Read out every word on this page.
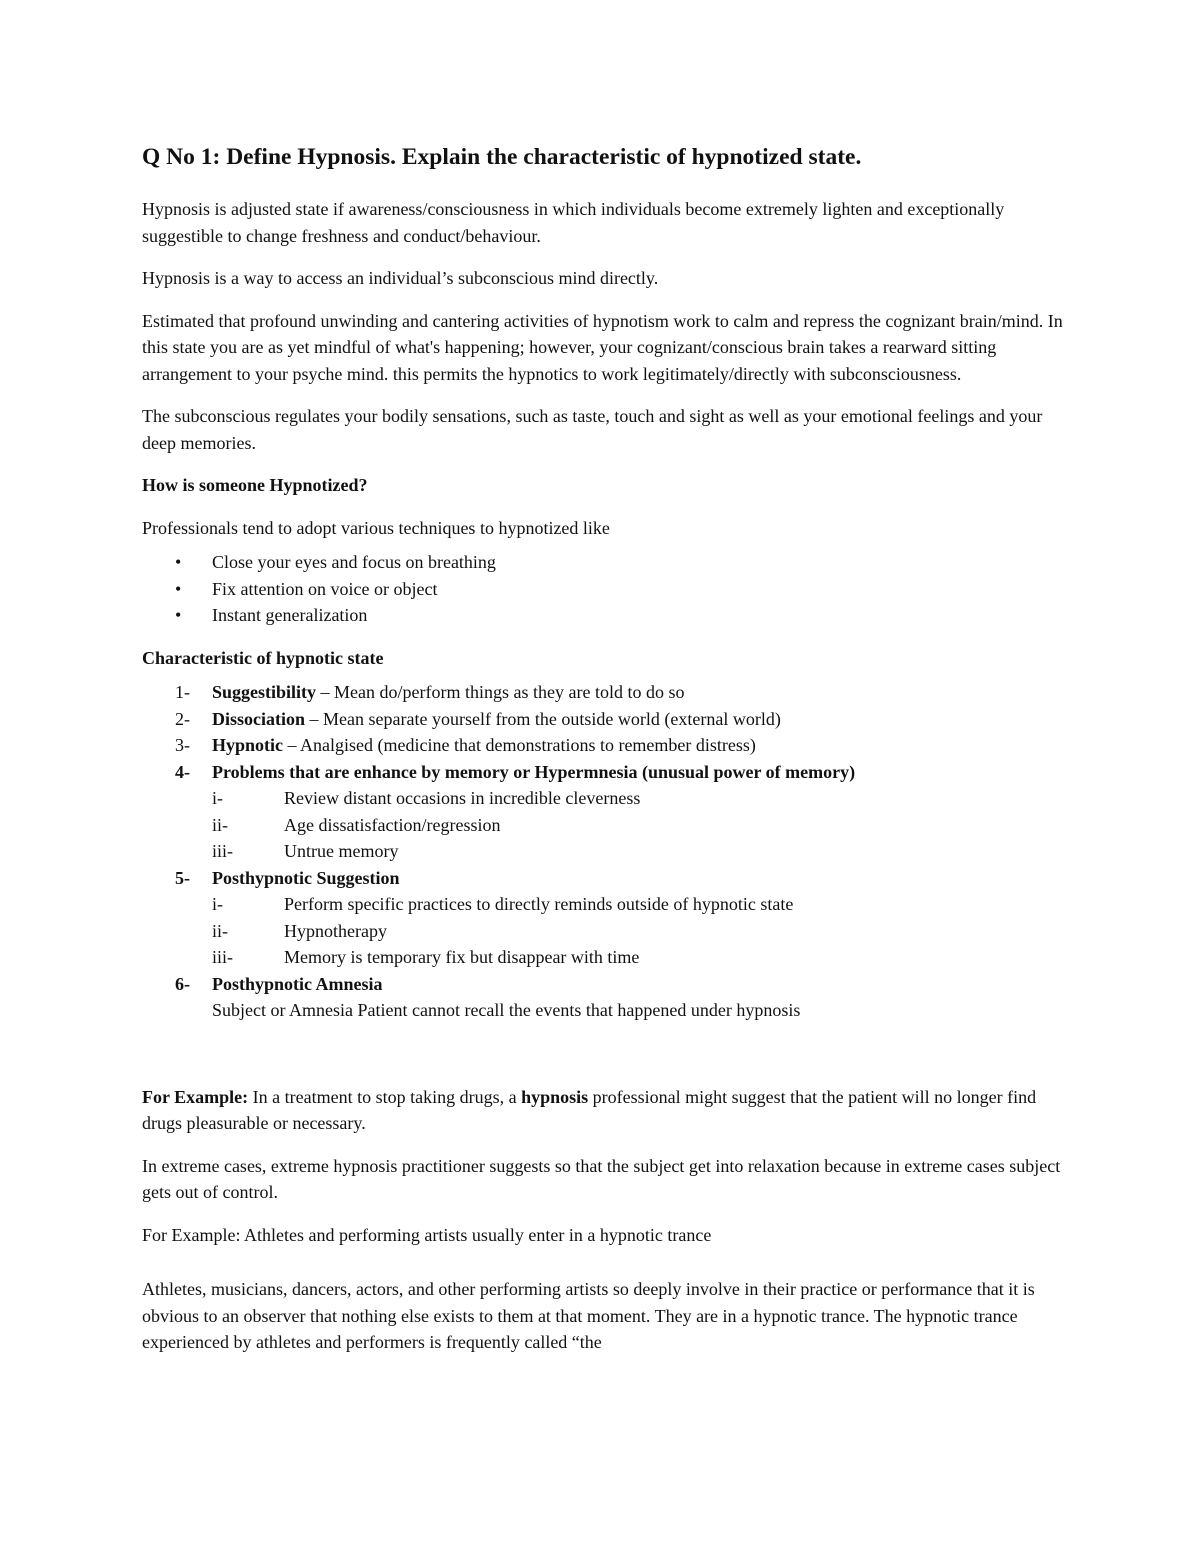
Q No 1: Define Hypnosis. Explain the characteristic of hypnotized state.

Hypnosis is adjusted state if awareness/consciousness in which individuals become extremely lighten and exceptionally suggestible to change freshness and conduct/behaviour.

Hypnosis is a way to access an individual’s subconscious mind directly.

Estimated that profound unwinding and cantering activities of hypnotism work to calm and repress the cognizant brain/mind. In this state you are as yet mindful of what's happening; however, your cognizant/conscious brain takes a rearward sitting arrangement to your psyche mind. this permits the hypnotics to work legitimately/directly with subconsciousness.

The subconscious regulates your bodily sensations, such as taste, touch and sight as well as your emotional feelings and your deep memories.

How is someone Hypnotized?

Professionals tend to adopt various techniques to hypnotized like

• Close your eyes and focus on breathing
• Fix attention on voice or object
• Instant generalization

Characteristic of hypnotic state

1- Suggestibility – Mean do/perform things as they are told to do so
2- Dissociation – Mean separate yourself from the outside world (external world)
3- Hypnotic – Analgised (medicine that demonstrations to remember distress)
4- Problems that are enhance by memory or Hypermnesia (unusual power of memory)
i-	Review distant occasions in incredible cleverness
ii-	Age dissatisfaction/regression
iii-	Untrue memory
5- Posthypnotic Suggestion
i-	Perform specific practices to directly reminds outside of hypnotic state
ii-	Hypnotherapy
iii-	Memory is temporary fix but disappear with time
6- Posthypnotic Amnesia
Subject or Amnesia Patient cannot recall the events that happened under hypnosis

For Example: In a treatment to stop taking drugs, a hypnosis professional might suggest that the patient will no longer find drugs pleasurable or necessary.

In extreme cases, extreme hypnosis practitioner suggests so that the subject get into relaxation because in extreme cases subject gets out of control.

For Example: Athletes and performing artists usually enter in a hypnotic trance

Athletes, musicians, dancers, actors, and other performing artists so deeply involve in their practice or performance that it is obvious to an observer that nothing else exists to them at that moment. They are in a hypnotic trance. The hypnotic trance experienced by athletes and performers is frequently called “the
